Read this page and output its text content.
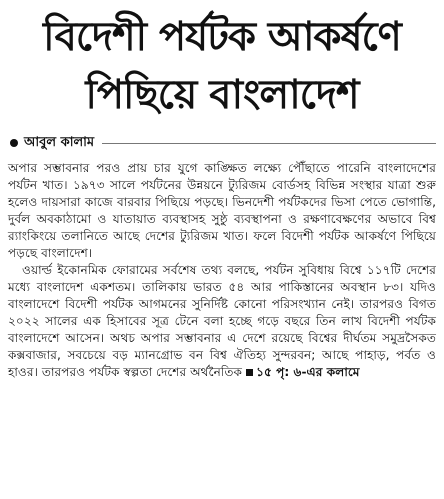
বিদেশী পর্যটক আকর্ষণে
পিছিয়ে বাংলাদেশ
আবুল কালাম

অপার সম্ভাবনার পরও প্রায় চার যুগে কাঙ্ক্ষিত লক্ষ্যে পৌঁছাতে পারেনি বাংলাদেশের পর্যটন খাত। ১৯৭৩ সালে পর্যটনের উন্নয়নে ট্যুরিজম বোর্ডসহ বিভিন্ন সংস্থার যাত্রা শুরু হলেও দায়সারা কাজে বারবার পিছিয়ে পড়ছে। ভিনদেশী পর্যটকদের ভিসা পেতে ভোগান্তি, দুর্বল অবকাঠামো ও যাতায়াত ব্যবস্থাসহ সুষ্ঠু ব্যবস্থাপনা ও রক্ষণাবেক্ষণের অভাবে বিশ্ব র‍্যাংকিংয়ে তলানিতে আছে দেশের ট্যুরিজম খাত। ফলে বিদেশী পর্যটক আকর্ষণে পিছিয়ে পড়ছে বাংলাদেশ।

ওয়ার্ল্ড ইকোনমিক ফোরামের সর্বশেষ তথ্য বলছে, পর্যটন সুবিধায় বিশ্বে ১১৭টি দেশের মধ্যে বাংলাদেশ একশতম। তালিকায় ভারত ৫৪ আর পাকিস্তানের অবস্থান ৮৩। যদিও বাংলাদেশে বিদেশী পর্যটক আগমনের সুনির্দিষ্ট কোনো পরিসংখ্যান নেই। তারপরও বিগত ২০২২ সালের এক হিসাবের সূত্র টেনে বলা হচ্ছে গড়ে বছরে তিন লাখ বিদেশী পর্যটক বাংলাদেশে আসেন। অথচ অপার সম্ভাবনার এ দেশে রয়েছে বিশ্বের দীর্ঘতম সমুদ্রসৈকত কক্সবাজার, সবচেয়ে বড় ম্যানগ্রোভ বন বিশ্ব ঐতিহ্য সুন্দরবন; আছে পাহাড়, পর্বত ও হাওর। তারপরও পর্যটক স্বল্পতা দেশের অর্থনৈতিক ১৫ পৃ: ৬-এর কলামে
